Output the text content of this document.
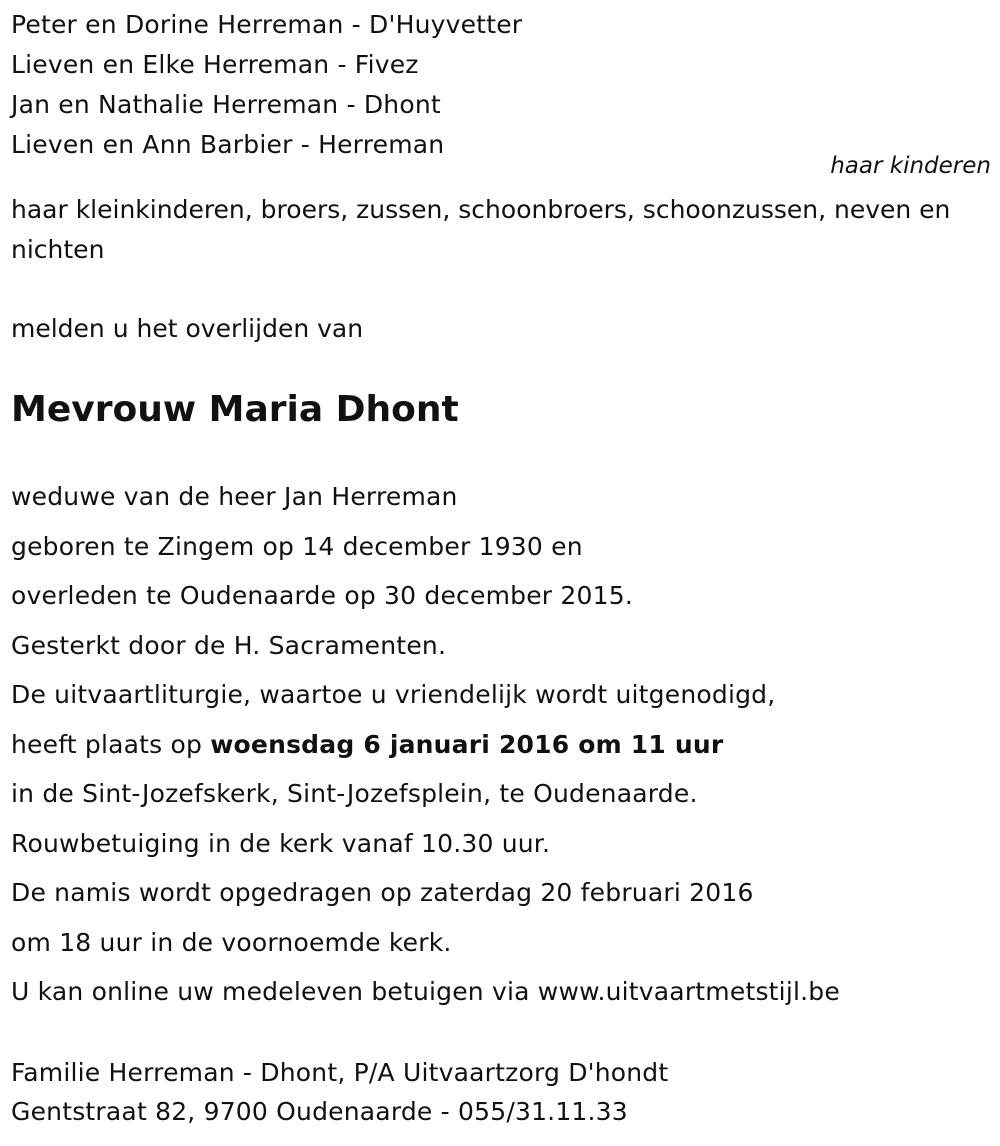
Peter en Dorine Herreman - D'Huyvetter
Lieven en Elke Herreman - Fivez
Jan en Nathalie Herreman - Dhont
Lieven en Ann Barbier - Herreman
haar kinderen
haar kleinkinderen, broers, zussen, schoonbroers, schoonzussen, neven en nichten
melden u het overlijden van
Mevrouw Maria Dhont
weduwe van de heer Jan Herreman
geboren te Zingem op 14 december 1930 en
overleden te Oudenaarde op 30 december 2015.
Gesterkt door de H. Sacramenten.
De uitvaartliturgie, waartoe u vriendelijk wordt uitgenodigd,
heeft plaats op woensdag 6 januari 2016 om 11 uur
in de Sint-Jozefskerk, Sint-Jozefsplein, te Oudenaarde.
Rouwbetuiging in de kerk vanaf 10.30 uur.
De namis wordt opgedragen op zaterdag 20 februari 2016
om 18 uur in de voornoemde kerk.
U kan online uw medeleven betuigen via www.uitvaartmetstijl.be
Familie Herreman - Dhont, P/A Uitvaartzorg D'hondt
Gentstraat 82, 9700 Oudenaarde - 055/31.11.33
